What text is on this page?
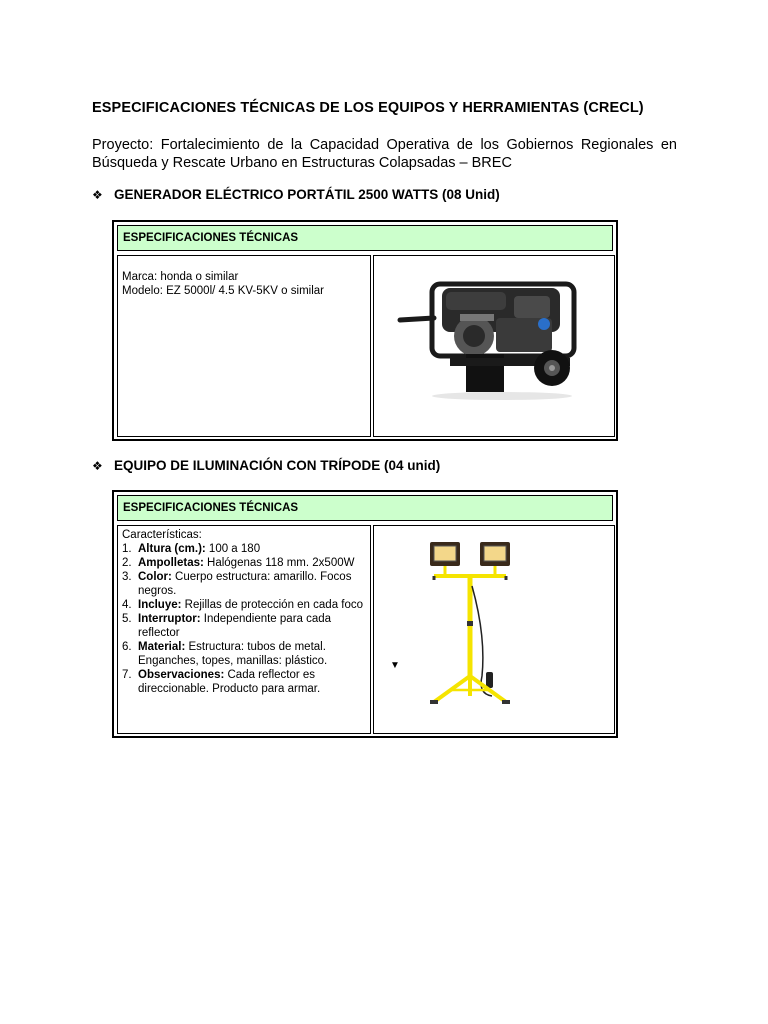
ESPECIFICACIONES TÉCNICAS DE LOS EQUIPOS Y HERRAMIENTAS (CRECL)
Proyecto: Fortalecimiento de la Capacidad Operativa de los Gobiernos Regionales en Búsqueda y Rescate Urbano en Estructuras Colapsadas – BREC
❖ GENERADOR ELÉCTRICO PORTÁTIL 2500 WATTS (08 Unid)
ESPECIFICACIONES TÉCNICAS
Marca: honda o similar
Modelo: EZ 5000l/ 4.5 KV-5KV o similar
❖ EQUIPO DE ILUMINACIÓN CON TRÍPODE (04 unid)
ESPECIFICACIONES TÉCNICAS
Características:
1. Altura (cm.): 100 a 180
2. Ampolletas: Halógenas 118 mm. 2x500W
3. Color: Cuerpo estructura: amarillo. Focos negros.
4. Incluye: Rejillas de protección en cada foco
5. Interruptor: Independiente para cada reflector
6. Material: Estructura: tubos de metal. Enganches, topes, manillas: plástico.
7. Observaciones: Cada reflector es direccionable. Producto para armar.
▼
